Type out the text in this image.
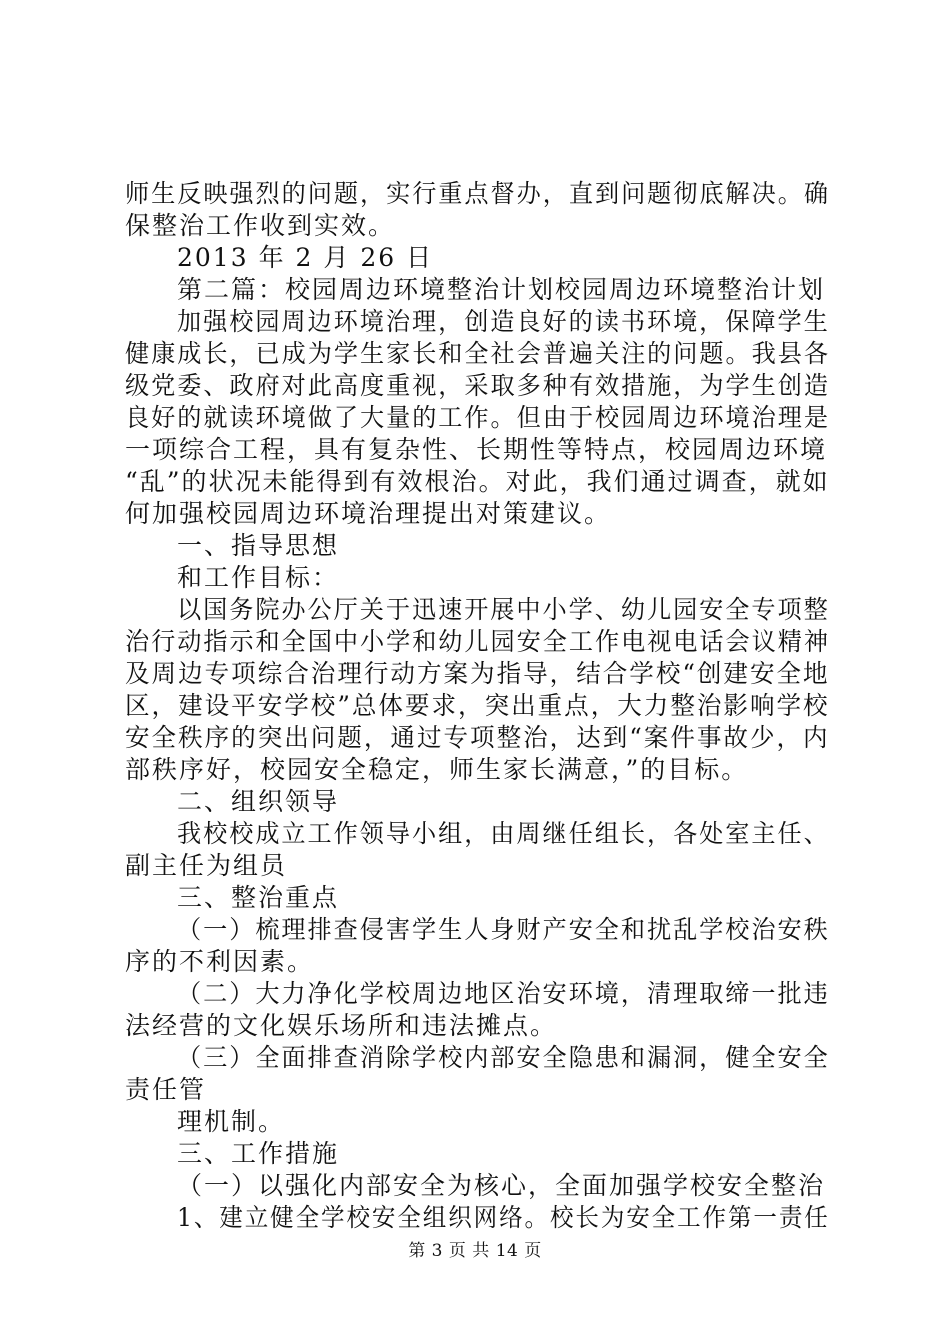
师生反映强烈的问题，实行重点督办，直到问题彻底解决。确
保整治工作收到实效。
2013 年 2 月 26 日
第二篇：校园周边环境整治计划校园周边环境整治计划
加强校园周边环境治理，创造良好的读书环境，保障学生
健康成长，已成为学生家长和全社会普遍关注的问题。我县各
级党委、政府对此高度重视，采取多种有效措施，为学生创造
良好的就读环境做了大量的工作。但由于校园周边环境治理是
一项综合工程，具有复杂性、长期性等特点，校园周边环境
“乱”的状况未能得到有效根治。对此，我们通过调查，就如
何加强校园周边环境治理提出对策建议。
一、指导思想
和工作目标：
以国务院办公厅关于迅速开展中小学、幼儿园安全专项整
治行动指示和全国中小学和幼儿园安全工作电视电话会议精神
及周边专项综合治理行动方案为指导，结合学校“创建安全地
区，建设平安学校”总体要求，突出重点，大力整治影响学校
安全秩序的突出问题，通过专项整治，达到“案件事故少，内
部秩序好，校园安全稳定，师生家长满意，”的目标。
二、组织领导
我校校成立工作领导小组，由周继任组长，各处室主任、
副主任为组员
三、整治重点
（一）梳理排查侵害学生人身财产安全和扰乱学校治安秩
序的不利因素。
（二）大力净化学校周边地区治安环境，清理取缔一批违
法经营的文化娱乐场所和违法摊点。
（三）全面排查消除学校内部安全隐患和漏洞，健全安全
责任管
理机制。
三、工作措施
（一）以强化内部安全为核心，全面加强学校安全整治
1、建立健全学校安全组织网络。校长为安全工作第一责任
第 3 页 共 14 页
